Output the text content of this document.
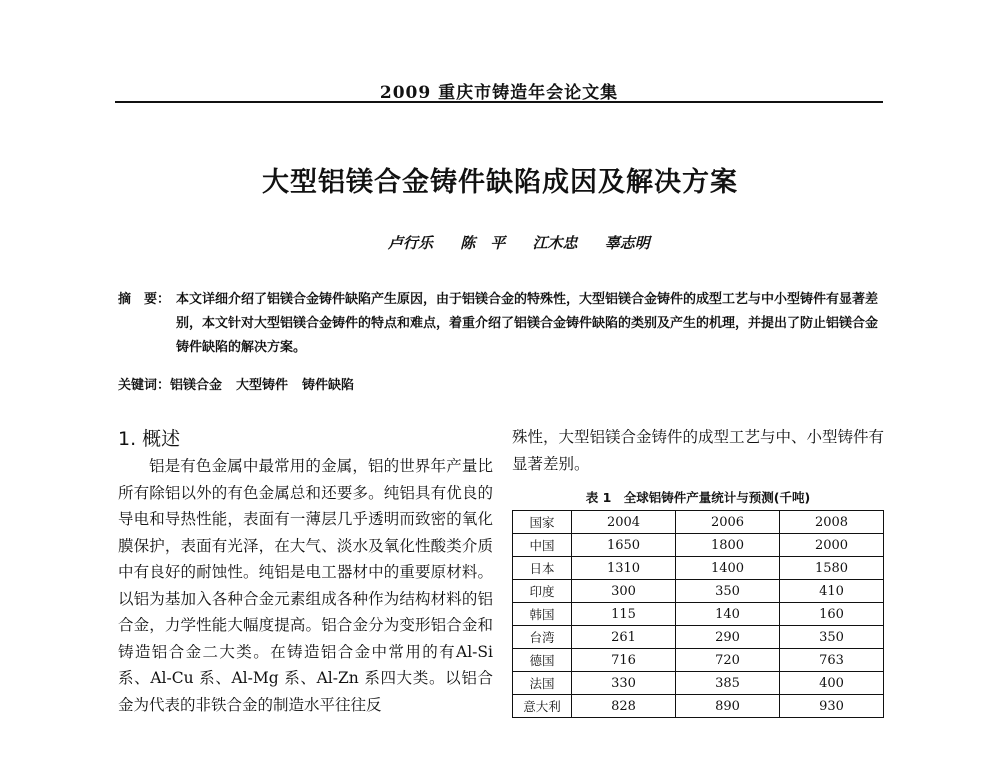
2009 重庆市铸造年会论文集
大型铝镁合金铸件缺陷成因及解决方案
卢行乐 陈　平 江木忠 辜志明
摘　要： 本文详细介绍了铝镁合金铸件缺陷产生原因，由于铝镁合金的特殊性，大型铝镁合金铸件的成型工艺与中小型铸件有显著差别，本文针对大型铝镁合金铸件的特点和难点，着重介绍了铝镁合金铸件缺陷的类别及产生的机理，并提出了防止铝镁合金铸件缺陷的解决方案。
关键词：铝镁合金 大型铸件 铸件缺陷
1. 概述
铝是有色金属中最常用的金属，铝的世界年产量比所有除铝以外的有色金属总和还要多。纯铝具有优良的导电和导热性能，表面有一薄层几乎透明而致密的氧化膜保护，表面有光泽，在大气、淡水及氧化性酸类介质中有良好的耐蚀性。纯铝是电工器材中的重要原材料。以铝为基加入各种合金元素组成各种作为结构材料的铝合金，力学性能大幅度提高。铝合金分为变形铝合金和铸造铝合金二大类。在铸造铝合金中常用的有Al-Si 系、Al-Cu 系、Al-Mg 系、Al-Zn 系四大类。以铝合金为代表的非铁合金的制造水平往往反
殊性，大型铝镁合金铸件的成型工艺与中、小型铸件有显著差别。
表 1　全球铝铸件产量统计与预测(千吨)
国家	2004	2006	2008
中国	1650	1800	2000
日本	1310	1400	1580
印度	300	350	410
韩国	115	140	160
台湾	261	290	350
德国	716	720	763
法国	330	385	400
意大利	828	890	930
